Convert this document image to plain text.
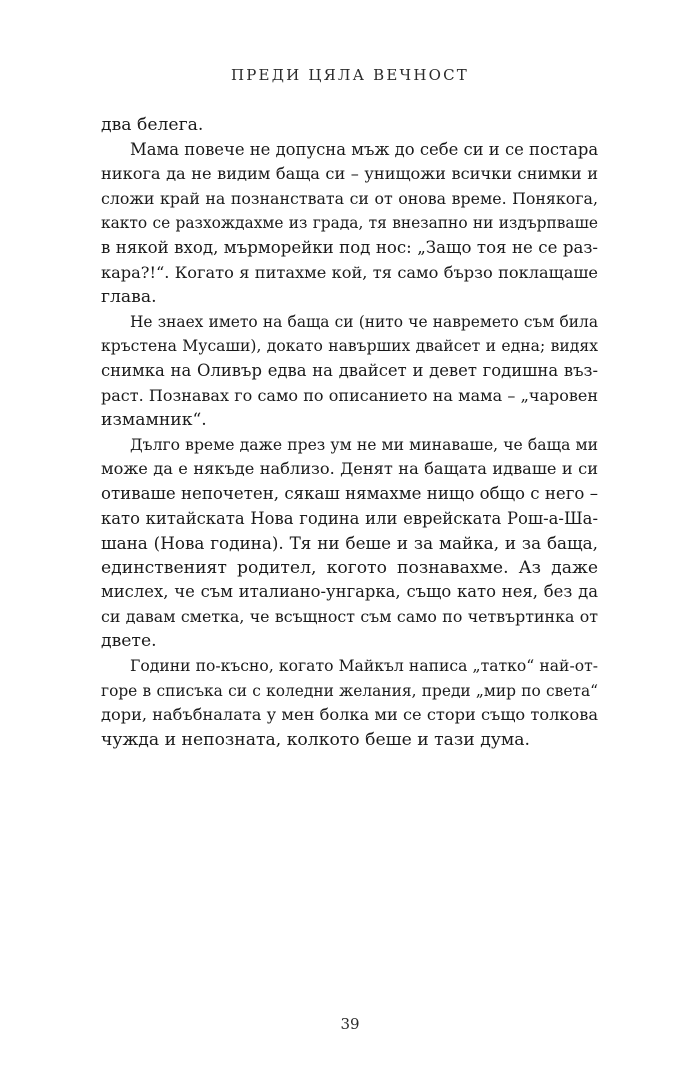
ПРЕДИ ЦЯЛА ВЕЧНОСТ
два белега.
Мама повече не допусна мъж до себе си и се постара
никога да не видим баща си – унищожи всички снимки и
сложи край на познанствата си от онова време. Понякога,
както се разхождахме из града, тя внезапно ни издърпваше
в някой вход, мърморейки под нос: „Защо тоя не се раз-
кара?!“. Когато я питахме кой, тя само бързо поклащаше
глава.
Не знаех името на баща си (нито че навремето съм била
кръстена Мусаши), докато навърших двайсет и една; видях
снимка на Оливър едва на двайсет и девет годишна въз-
раст. Познавах го само по описанието на мама – „чаровен
измамник“.
Дълго време даже през ум не ми минаваше, че баща ми
може да е някъде наблизо. Денят на бащата идваше и си
отиваше непочетен, сякаш нямахме нищо общо с него –
като китайската Нова година или еврейската Рош-а-Ша-
шана (Нова година). Тя ни беше и за майка, и за баща,
единственият родител, когото познавахме. Аз даже
мислех, че съм италиано-унгарка, също като нея, без да
си давам сметка, че всъщност съм само по четвъртинка от
двете.
Години по-късно, когато Майкъл написа „татко“ най-от-
горе в списъка си с коледни желания, преди „мир по света“
дори, набъбналата у мен болка ми се стори също толкова
чужда и непозната, колкото беше и тази дума.
39
